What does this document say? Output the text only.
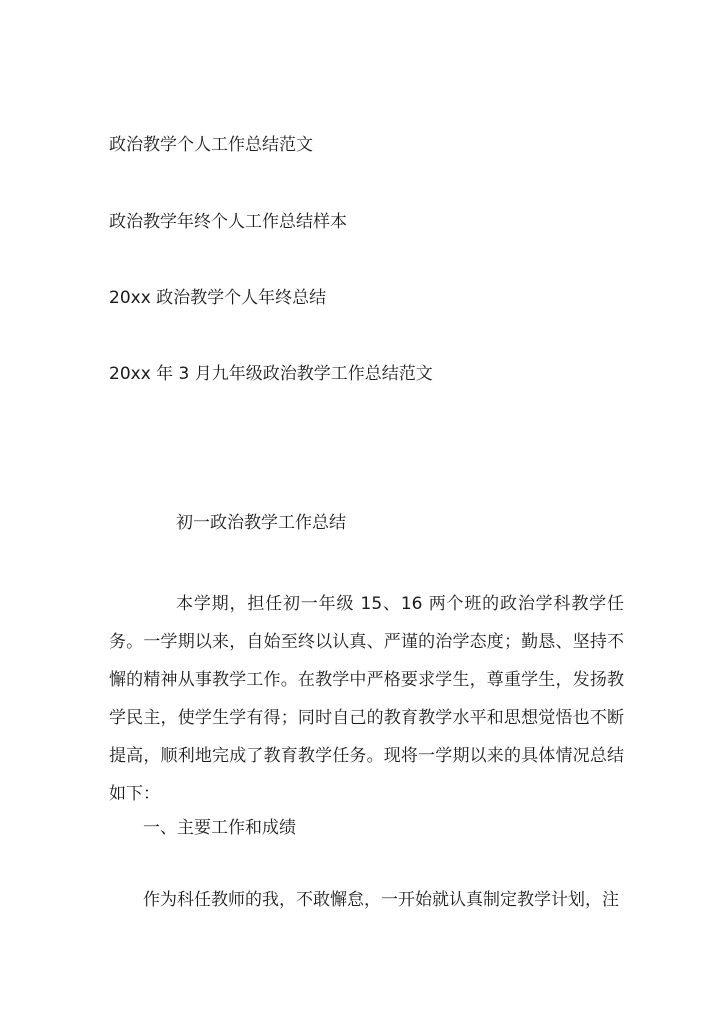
政治教学个人工作总结范文
政治教学年终个人工作总结样本
20xx 政治教学个人年终总结
20xx 年 3 月九年级政治教学工作总结范文
初一政治教学工作总结
本学期，担任初一年级 15、16 两个班的政治学科教学任务。一学期以来，自始至终以认真、严谨的治学态度；勤恳、坚持不懈的精神从事教学工作。在教学中严格要求学生，尊重学生，发扬教学民主，使学生学有得；同时自己的教育教学水平和思想觉悟也不断提高，顺利地完成了教育教学任务。现将一学期以来的具体情况总结如下：
一、主要工作和成绩
作为科任教师的我，不敢懈怠，一开始就认真制定教学计划，注
